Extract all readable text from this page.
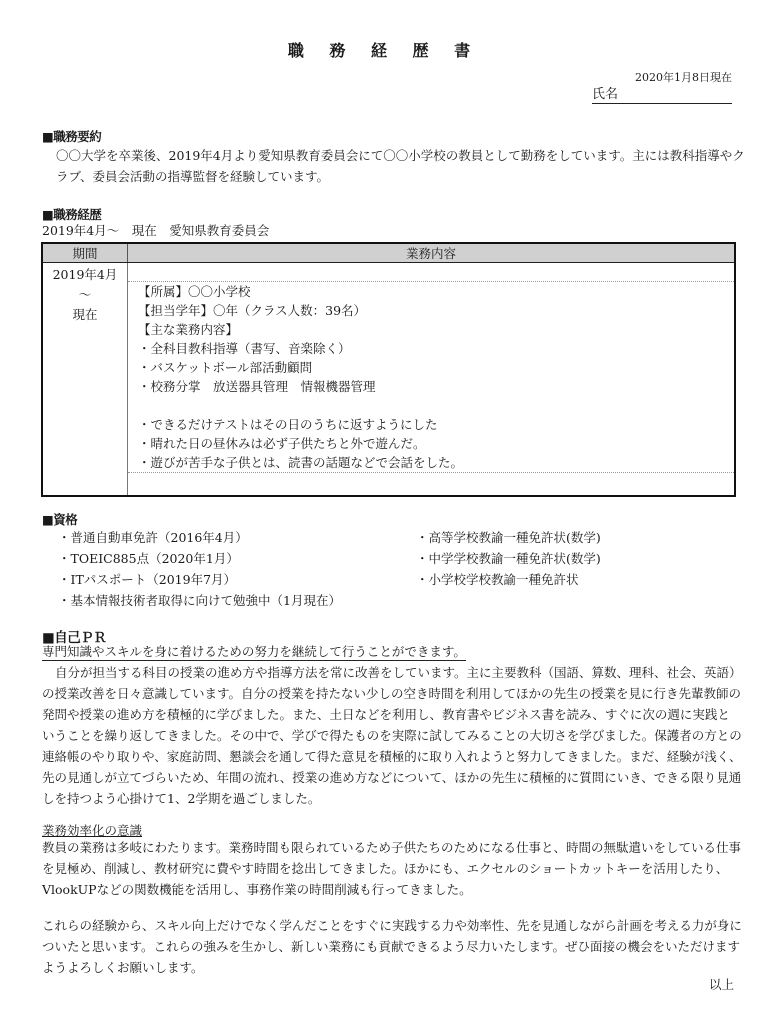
職 務 経 歴 書
2020年1月8日現在
氏名
■職務要約
〇〇大学を卒業後、2019年4月より愛知県教育委員会にて〇〇小学校の教員として勤務をしています。主には教科指導やクラブ、委員会活動の指導監督を経験しています。
■職務経歴
2019年4月～　現在　愛知県教育委員会
期間	業務内容

2019年4月
～
現在

【所属】〇〇小学校
【担当学年】〇年（クラス人数：39名）
【主な業務内容】
・全科目教科指導（書写、音楽除く）
・バスケットボール部活動顧問
・校務分掌　放送器具管理　情報機器管理
・できるだけテストはその日のうちに返すようにした
・晴れた日の昼休みは必ず子供たちと外で遊んだ。
・遊びが苦手な子供とは、読書の話題などで会話をした。
■資格
・普通自動車免許（2016年4月）
・TOEIC885点（2020年1月）
・ITパスポート（2019年7月）
・基本情報技術者取得に向けて勉強中（1月現在）
・高等学校教諭一種免許状(数学)
・中学学校教諭一種免許状(数学)
・小学校学校教諭一種免許状
■自己ＰＲ
専門知識やスキルを身に着けるための努力を継続して行うことができます。
自分が担当する科目の授業の進め方や指導方法を常に改善をしています。主に主要教科（国語、算数、理科、社会、英語）の授業改善を日々意識しています。自分の授業を持たない少しの空き時間を利用してほかの先生の授業を見に行き先輩教師の発問や授業の進め方を積極的に学びました。また、土日などを利用し、教育書やビジネス書を読み、すぐに次の週に実践ということを繰り返してきました。その中で、学びで得たものを実際に試してみることの大切さを学びました。保護者の方との連絡帳のやり取りや、家庭訪問、懇談会を通して得た意見を積極的に取り入れようと努力してきました。まだ、経験が浅く、先の見通しが立てづらいため、年間の流れ、授業の進め方などについて、ほかの先生に積極的に質問にいき、できる限り見通しを持つよう心掛けて1、2学期を過ごしました。
業務効率化の意識
教員の業務は多岐にわたります。業務時間も限られているため子供たちのためになる仕事と、時間の無駄遣いをしている仕事を見極め、削減し、教材研究に費やす時間を捻出してきました。ほかにも、エクセルのショートカットキーを活用したり、VlookUPなどの関数機能を活用し、事務作業の時間削減も行ってきました。
これらの経験から、スキル向上だけでなく学んだことをすぐに実践する力や効率性、先を見通しながら計画を考える力が身についたと思います。これらの強みを生かし、新しい業務にも貢献できるよう尽力いたします。ぜひ面接の機会をいただけますようよろしくお願いします。
以上
